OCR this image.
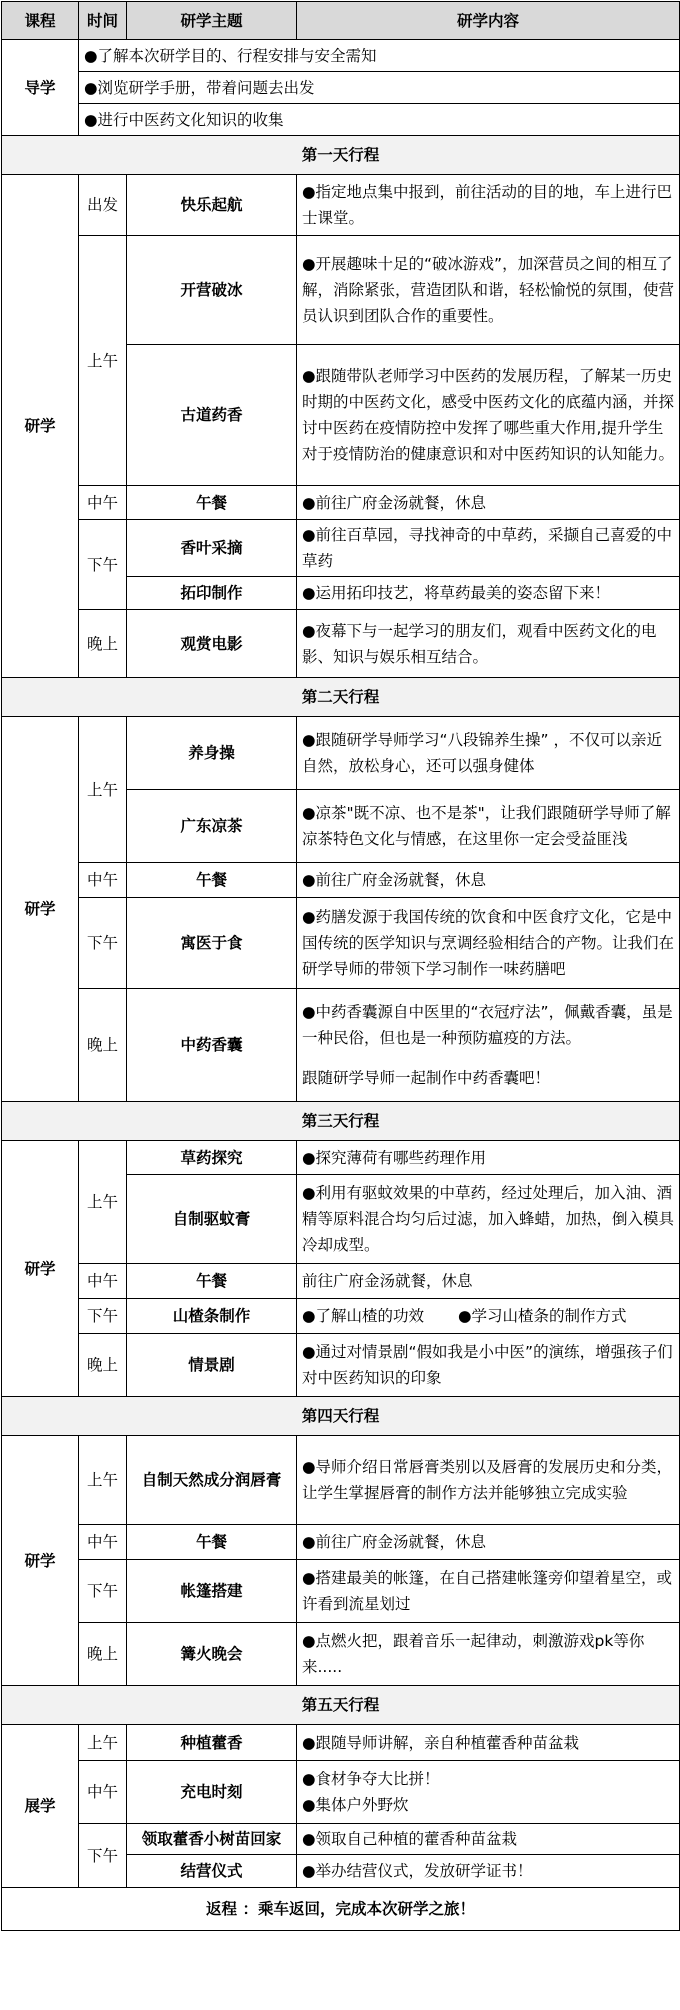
课程	时间	研学主题	研学内容
导学	●了解本次研学目的、行程安排与安全需知		
	●浏览研学手册，带着问题去出发		
	●进行中医药文化知识的收集		
第一天行程			
研学	出发	快乐起航	●指定地点集中报到，前往活动的目的地，车上进行巴士课堂。
	上午	开营破冰	●开展趣味十足的“破冰游戏”，加深营员之间的相互了解，消除紧张，营造团队和谐，轻松愉悦的氛围，使营员认识到团队合作的重要性。
		古道药香	●跟随带队老师学习中医药的发展历程，了解某一历史时期的中医药文化，感受中医药文化的底蕴内涵，并探讨中医药在疫情防控中发挥了哪些重大作用,提升学生对于疫情防治的健康意识和对中医药知识的认知能力。
	中午	午餐	●前往广府金汤就餐，休息
	下午	香叶采摘	●前往百草园，寻找神奇的中草药，采撷自己喜爱的中草药
		拓印制作	●运用拓印技艺，将草药最美的姿态留下来！
	晚上	观赏电影	●夜幕下与一起学习的朋友们，观看中医药文化的电影、知识与娱乐相互结合。
第二天行程			
研学	上午	养身操	●跟随研学导师学习“八段锦养生操” ，不仅可以亲近自然，放松身心，还可以强身健体
		广东凉茶	●凉茶"既不凉、也不是茶"，让我们跟随研学导师了解凉茶特色文化与情感，在这里你一定会受益匪浅
	中午	午餐	●前往广府金汤就餐，休息
	下午	寓医于食	●药膳发源于我国传统的饮食和中医食疗文化，它是中国传统的医学知识与烹调经验相结合的产物。让我们在研学导师的带领下学习制作一味药膳吧
	晚上	中药香囊	●中药香囊源自中医里的“衣冠疗法”，佩戴香囊，虽是一种民俗，但也是一种预防瘟疫的方法。

跟随研学导师一起制作中药香囊吧！

第三天行程			
研学	上午	草药探究	●探究薄荷有哪些药理作用
		自制驱蚊膏	●利用有驱蚊效果的中草药，经过处理后，加入油、酒精等原料混合均匀后过滤，加入蜂蜡，加热，倒入模具冷却成型。
	中午	午餐	前往广府金汤就餐，休息
	下午	山楂条制作	●了解山楂的功效 ●学习山楂条的制作方式
	晚上	情景剧	●通过对情景剧“假如我是小中医”的演练，增强孩子们对中医药知识的印象
第四天行程			
研学	上午	自制天然成分润唇膏	●导师介绍日常唇膏类别以及唇膏的发展历史和分类，让学生掌握唇膏的制作方法并能够独立完成实验
	中午	午餐	●前往广府金汤就餐，休息
	下午	帐篷搭建	●搭建最美的帐篷，在自己搭建帐篷旁仰望着星空，或许看到流星划过
	晚上	篝火晚会	●点燃火把，跟着音乐一起律动，刺激游戏pk等你来.....
第五天行程			
展学	上午	种植藿香	●跟随导师讲解，亲自种植藿香种苗盆栽
	中午	充电时刻	●食材争夺大比拼！

●集体户外野炊

	下午	领取藿香小树苗回家	●领取自己种植的藿香种苗盆栽
		结营仪式	●举办结营仪式，发放研学证书！
返程 ：乘车返回，完成本次研学之旅！			
